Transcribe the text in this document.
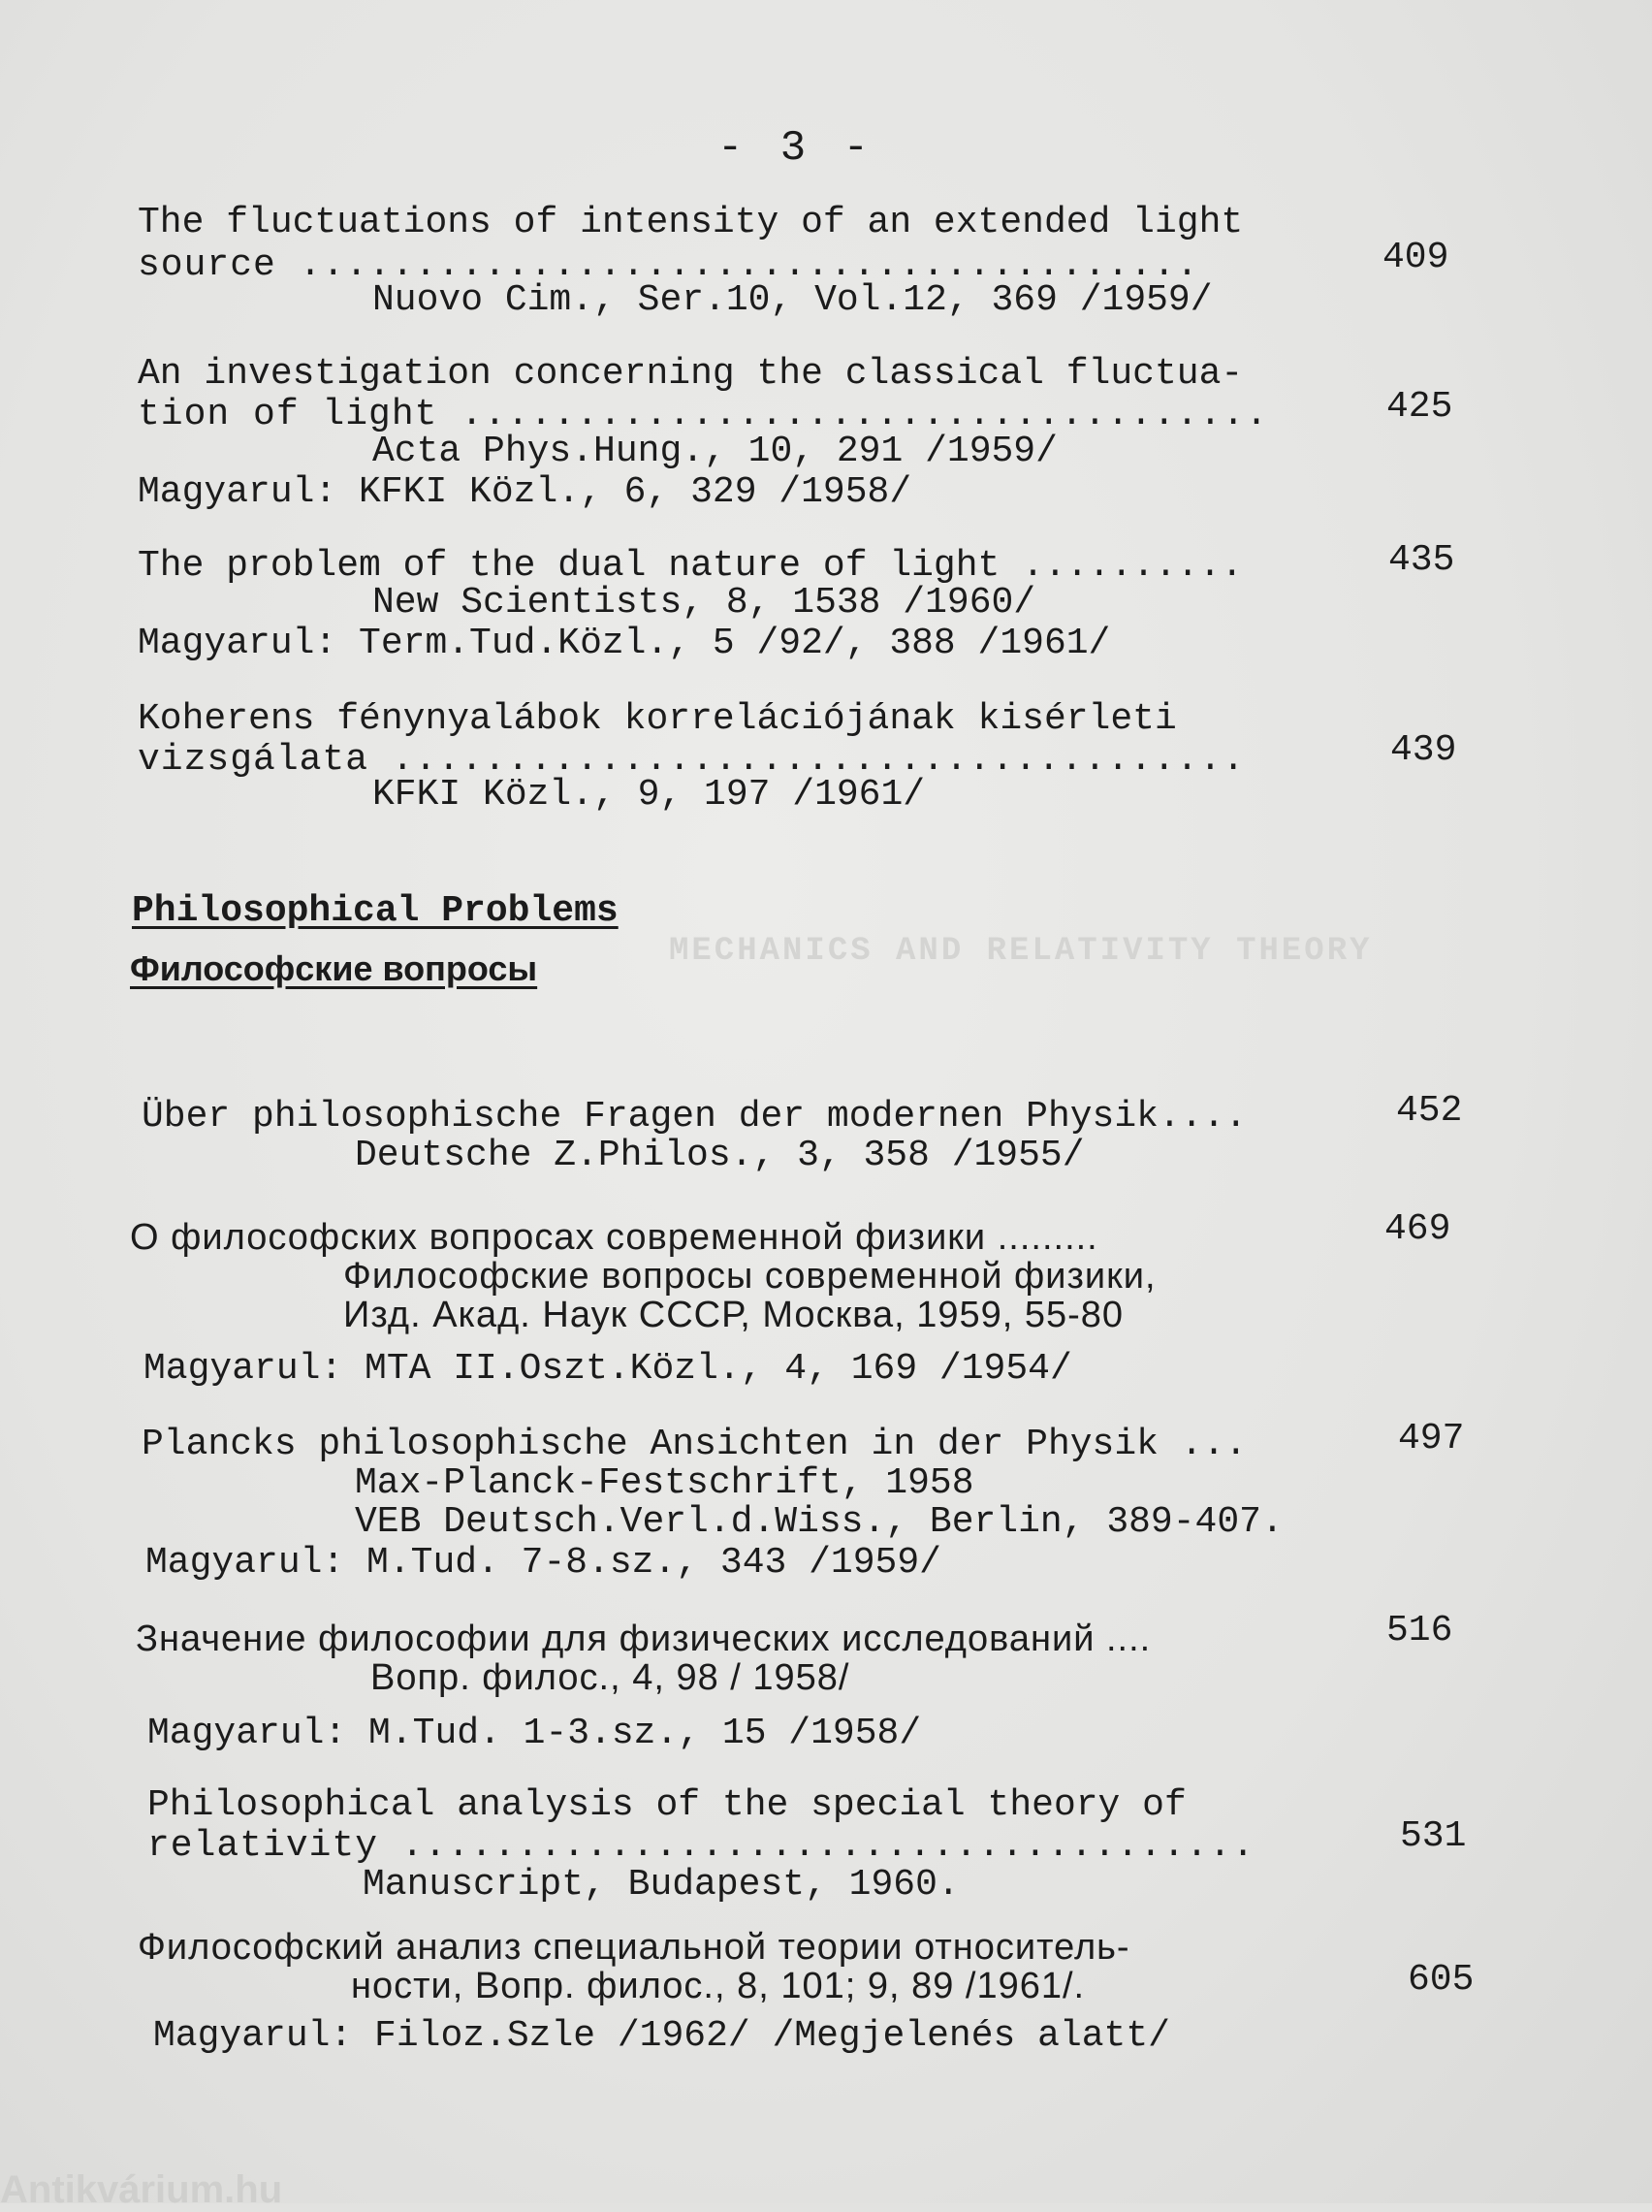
- 3 -
MECHANICS AND RELATIVITY THEORY
The fluctuations of intensity of an extended light
source .......................................
Nuovo Cim., Ser.10, Vol.12, 369 /1959/
409
An investigation concerning the classical fluctua-
tion of light ...................................
Acta Phys.Hung., 10, 291 /1959/
Magyarul: KFKI Közl., 6, 329 /1958/
425
The problem of the dual nature of light ..........
New Scientists, 8, 1538 /1960/
Magyarul: Term.Tud.Közl., 5 /92/, 388 /1961/
435
Koherens fénynyalábok korrelációjának kisérleti
vizsgálata .....................................
KFKI Közl., 9, 197 /1961/
439
Philosophical Problems
Философские вопросы
Über philosophische Fragen der modernen Physik....
Deutsche Z.Philos., 3, 358 /1955/
452
О философских вопросах современной физики .........
Философские вопросы современной физики,
Изд. Акад. Наук СССР, Москва, 1959, 55-80
Magyarul: MTA II.Oszt.Közl., 4, 169 /1954/
469
Plancks philosophische Ansichten in der Physik ...
Max-Planck-Festschrift, 1958
VEB Deutsch.Verl.d.Wiss., Berlin, 389-407.
Magyarul: M.Tud. 7-8.sz., 343 /1959/
497
Значение философии для физических исследований ....
Вопр. филос., 4, 98 / 1958/
Magyarul: M.Tud. 1-3.sz., 15 /1958/
516
Philosophical analysis of the special theory of
relativity .....................................
Manuscript, Budapest, 1960.
531
Философский анализ специальной теории относитель-
ности, Вопр. филос., 8, 101; 9, 89 /1961/.
Magyarul: Filoz.Szle /1962/ /Megjelenés alatt/
605
Antikvárium.hu
